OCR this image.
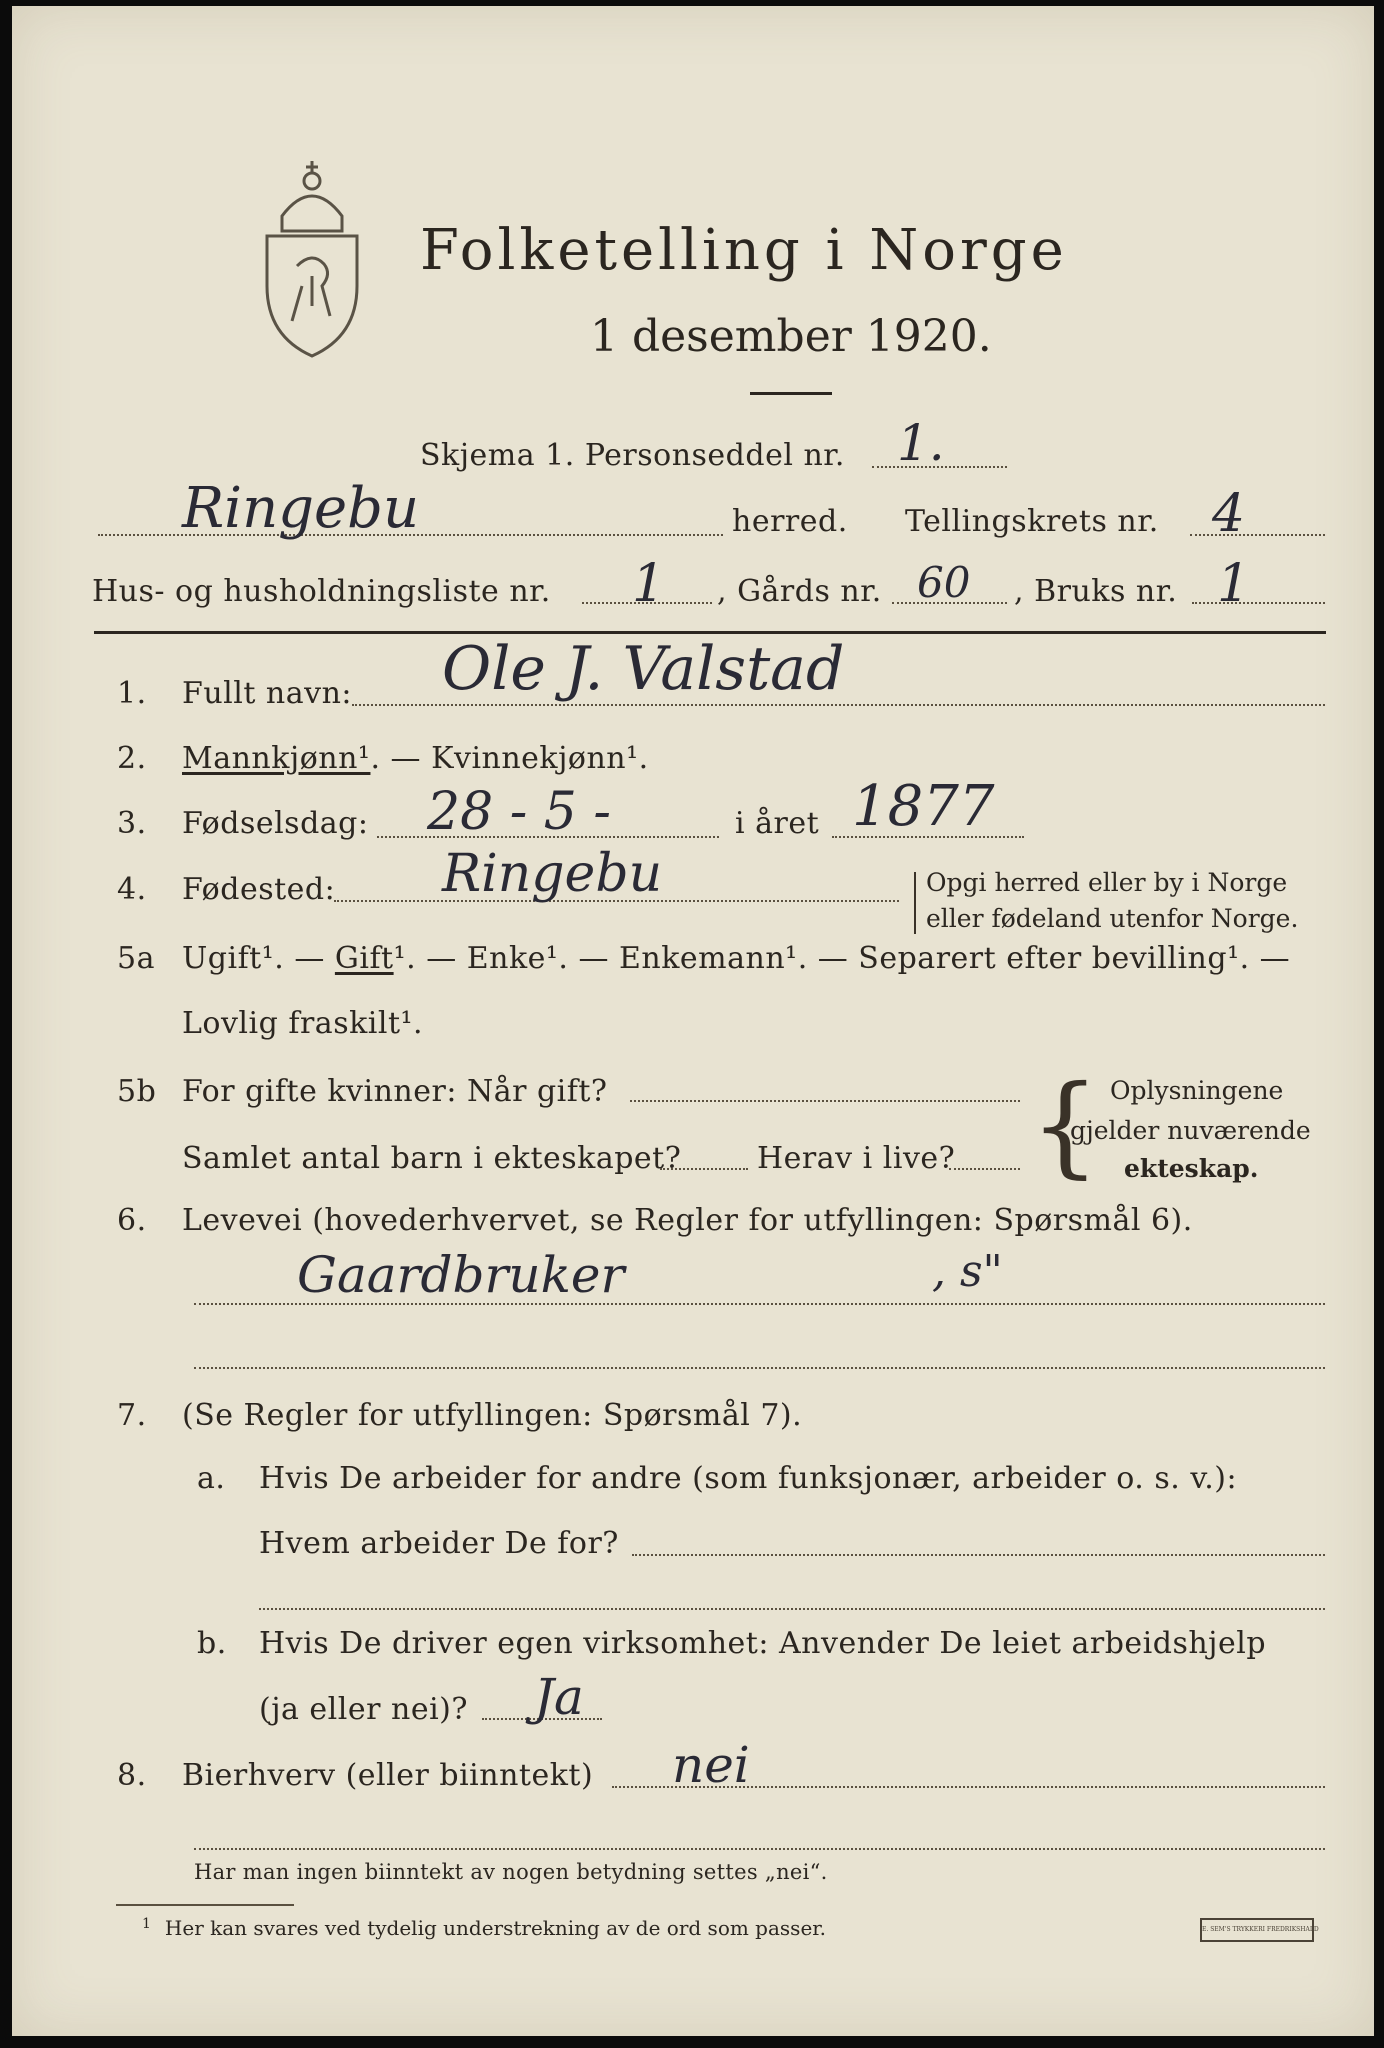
Folketelling i Norge
1 desember 1920.
Skjema 1. Personseddel nr. 1.
Ringebu	herred. Tellingskrets nr. 4
Hus- og husholdningsliste nr. 1 , Gårds nr. 60 , Bruks nr. 1
1. Fullt navn: Ole J. Valstad
2. Mannkjønn¹. — Kvinnekjønn¹.
3. Fødselsdag: 28 - 5 -	i året 1877
4. Fødested: Ringebu	Opgi herred eller by i Norge
eller fødeland utenfor Norge.
5a Ugift¹. — Gift¹. — Enke¹. — Enkemann¹. — Separert efter bevilling¹. —
Lovlig fraskilt¹.
5b For gifte kvinner: Når gift?
Samlet antal barn i ekteskapet?	Herav i live? { Oplysningene
gjelder nuværende
ekteskap.
6. Levevei (hovederhvervet, se Regler for utfyllingen: Spørsmål 6).
Gaardbruker	, s"
7. (Se Regler for utfyllingen: Spørsmål 7).
a. Hvis De arbeider for andre (som funksjonær, arbeider o. s. v.):
Hvem arbeider De for?
b. Hvis De driver egen virksomhet: Anvender De leiet arbeidshjelp
(ja eller nei)? Ja
8. Bierhverv (eller biinntekt) nei
Har man ingen biinntekt av nogen betydning settes „nei“.
$^1$ Her kan svares ved tydelig understrekning av de ord som passer.	E. SEM'S TRYKKERI FREDRIKSHALD
